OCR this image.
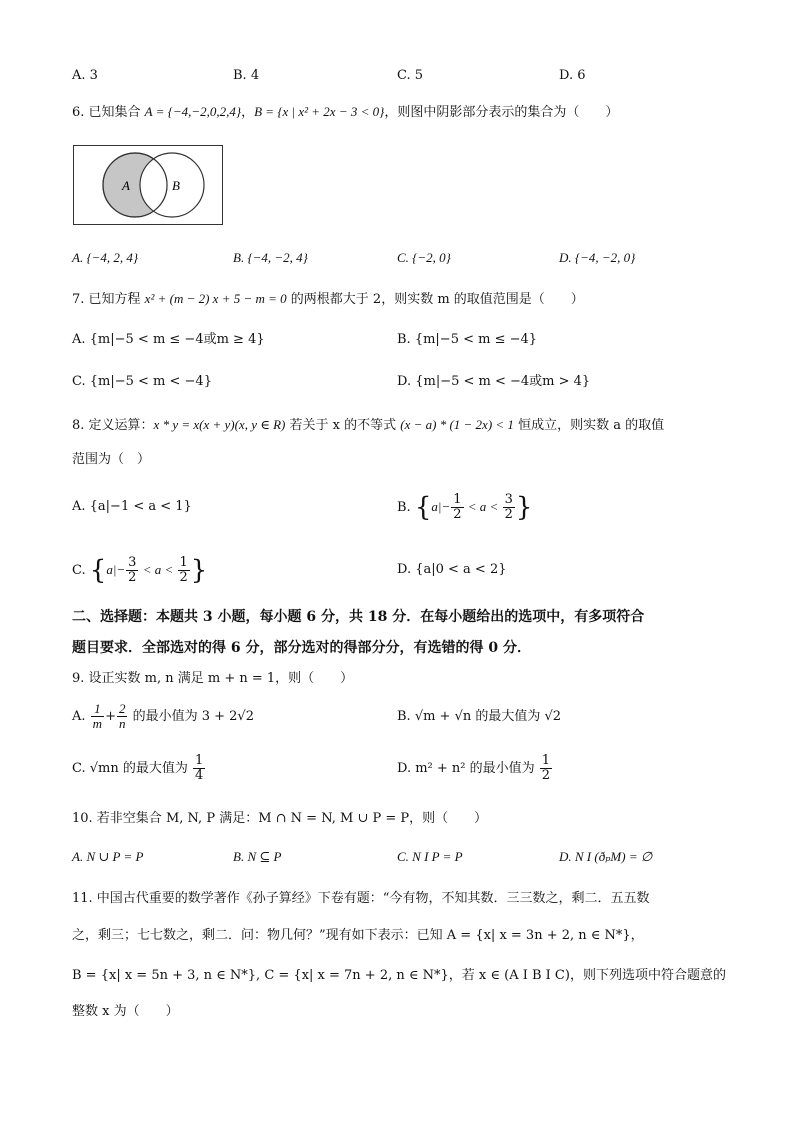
A. 3	B. 4	C. 5	D. 6
6. 已知集合 A = {−4,−2,0,2,4}，B = {x | x² + 2x − 3 < 0}，则图中阴影部分表示的集合为（　　）
A	B
A. {−4, 2, 4}	B. {−4, −2, 4}	C. {−2, 0}	D. {−4, −2, 0}
7. 已知方程 x² + (m − 2) x + 5 − m = 0 的两根都大于 2，则实数 m 的取值范围是（　　）
A. {m|−5 < m ≤ −4或m ≥ 4}	B. {m|−5 < m ≤ −4}
C. {m|−5 < m < −4}	D. {m|−5 < m < −4或m > 4}
8. 定义运算：x * y = x(x + y)(x, y ∈ R) 若关于 x 的不等式 (x − a) * (1 − 2x) < 1 恒成立，则实数 a 的取值
范围为（　）
A. {a|−1 < a < 1}	B. {$a|- \frac{1}{2} < a < \frac{3}{2}$ }
C. {$a|- \frac{3}{2} < a < \frac{1}{2}$ }	D. {a|0 < a < 2}
二、选择题：本题共 3 小题，每小题 6 分，共 18 分．在每小题给出的选项中，有多项符合
题目要求．全部选对的得 6 分，部分选对的得部分分，有选错的得 0 分．
9. 设正实数 m, n 满足 m + n = 1，则（　　）
A. $\frac{1}{m} + \frac{2}{n}$ 的最小值为 3 + 2√2	B. √m + √n 的最大值为 √2
C. √mn 的最大值为 $\frac{1}{4}$	D. m² + n² 的最小值为 $\frac{1}{2}$
10. 若非空集合 M, N, P 满足：M ∩ N = N, M ∪ P = P，则（　　）
A. N ∪ P = P	B. N ⊆ P	C. N I P = P	D. N I (ðₚM) = ∅
11. 中国古代重要的数学著作《孙子算经》下卷有题：“今有物，不知其数．三三数之，剩二．五五数
之，剩三；七七数之，剩二．问：物几何？”现有如下表示：已知 A = {x| x = 3n + 2, n ∈ N*}，
B = {x| x = 5n + 3, n ∈ N*}, C = {x| x = 7n + 2, n ∈ N*}，若 x ∈ (A I B I C)，则下列选项中符合题意的
整数 x 为（　　）
